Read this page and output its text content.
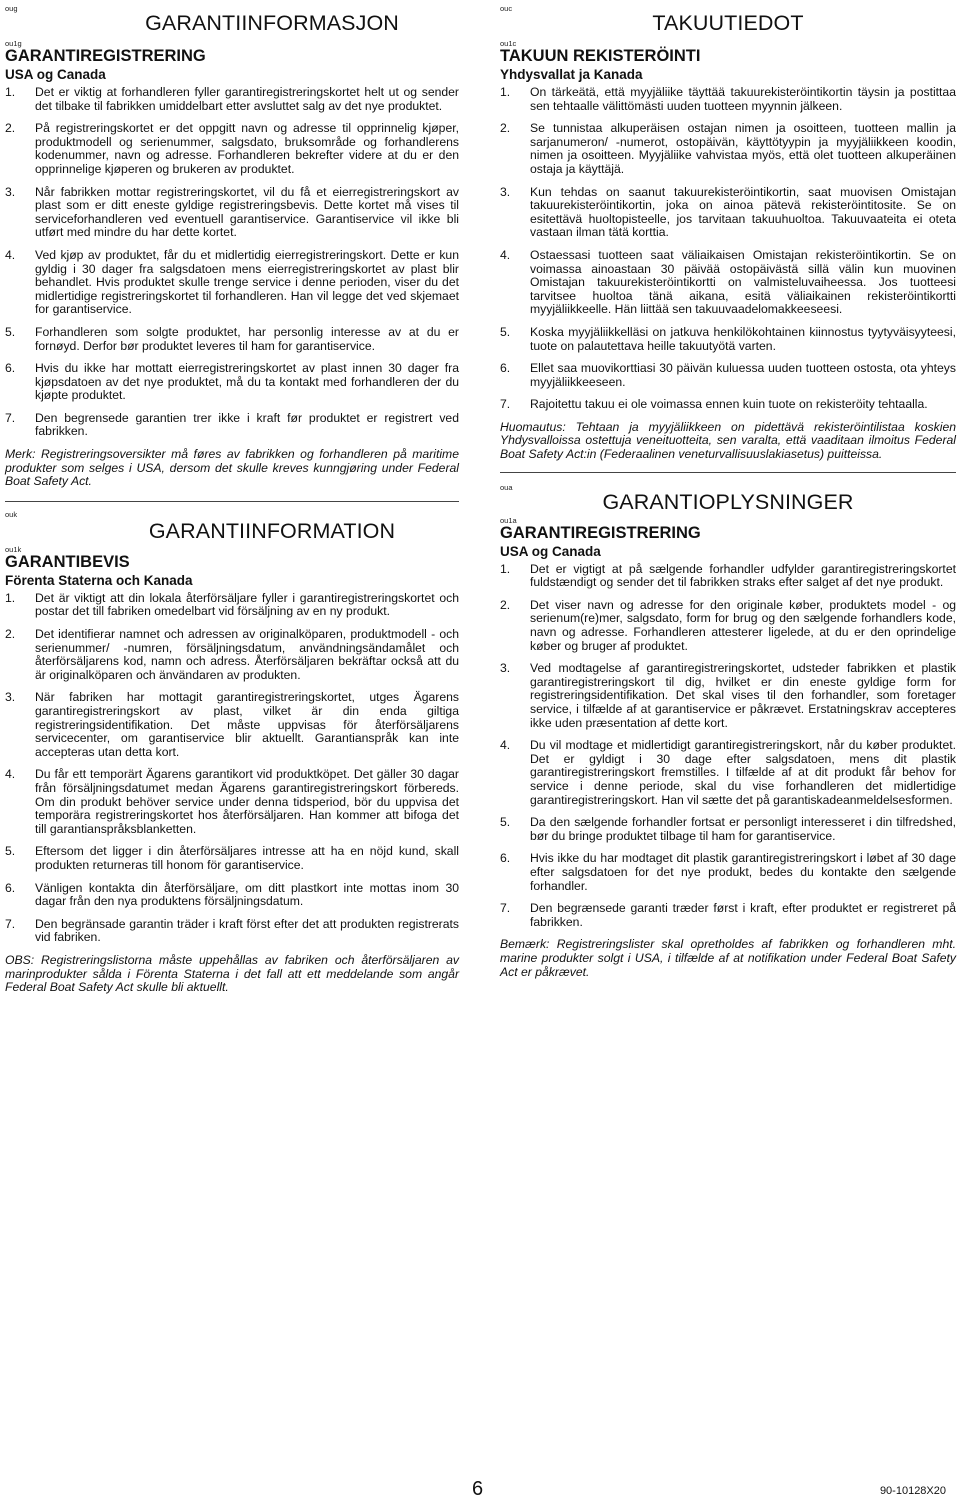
oug
GARANTIINFORMASJON
ou1g
GARANTIREGISTRERING
USA og Canada
1. Det er viktig at forhandleren fyller garantiregistreringskortet helt ut og sender det tilbake til fabrikken umiddelbart etter avsluttet salg av det nye produktet.
2. På registreringskortet er det oppgitt navn og adresse til opprinnelig kjøper, produktmodell og serienummer, salgsdato, bruksområde og forhandlerens kodenummer, navn og adresse. Forhandleren bekrefter videre at du er den opprinnelige kjøperen og brukeren av produktet.
3. Når fabrikken mottar registreringskortet, vil du få et eierregistreringskort av plast som er ditt eneste gyldige registreringsbevis. Dette kortet må vises til serviceforhandleren ved eventuell garantiservice. Garantiservice vil ikke bli utført med mindre du har dette kortet.
4. Ved kjøp av produktet, får du et midlertidig eierregistreringskort. Dette er kun gyldig i 30 dager fra salgsdatoen mens eierregistreringskortet av plast blir behandlet. Hvis produktet skulle trenge service i denne perioden, viser du det midlertidige registreringskortet til forhandleren. Han vil legge det ved skjemaet for garantiservice.
5. Forhandleren som solgte produktet, har personlig interesse av at du er fornøyd. Derfor bør produktet leveres til ham for garantiservice.
6. Hvis du ikke har mottatt eierregistreringskortet av plast innen 30 dager fra kjøpsdatoen av det nye produktet, må du ta kontakt med forhandleren der du kjøpte produktet.
7. Den begrensede garantien trer ikke i kraft før produktet er registrert ved fabrikken.

Merk: Registreringsoversikter må føres av fabrikken og forhandleren på maritime produkter som selges i USA, dersom det skulle kreves kunngjøring under Federal Boat Safety Act.

ouk
GARANTIINFORMATION
ou1k
GARANTIBEVIS
Förenta Staterna och Kanada
1. Det är viktigt att din lokala återförsäljare fyller i garantiregistreringskortet och postar det till fabriken omedelbart vid försäljning av en ny produkt.
2. Det identifierar namnet och adressen av originalköparen, produktmodell - och serienummer/ -numren, försäljningsdatum, användningsändamålet och återförsäljarens kod, namn och adress. Återförsäljaren bekräftar också att du är originalköparen och änvändaren av produkten.
3. När fabriken har mottagit garantiregistreringskortet, utges Ägarens garantiregistreringskort av plast, vilket är din enda giltiga registreringsidentifikation. Det måste uppvisas för återförsäljarens servicecenter, om garantiservice blir aktuellt. Garantianspråk kan inte accepteras utan detta kort.
4. Du får ett temporärt Ägarens garantikort vid produktköpet. Det gäller 30 dagar från försäljningsdatumet medan Ägarens garantiregistreringskort förbereds. Om din produkt behöver service under denna tidsperiod, bör du uppvisa det temporära registreringskortet hos återförsäljaren. Han kommer att bifoga det till garantianspråksblanketten.
5. Eftersom det ligger i din återförsäljares intresse att ha en nöjd kund, skall produkten returneras till honom för garantiservice.
6. Vänligen kontakta din återförsäljare, om ditt plastkort inte mottas inom 30 dagar från den nya produktens försäljningsdatum.
7. Den begränsade garantin träder i kraft först efter det att produkten registrerats vid fabriken.

OBS: Registreringslistorna måste uppehållas av fabriken och återförsäljaren av marinprodukter sålda i Förenta Staterna i det fall att ett meddelande som angår Federal Boat Safety Act skulle bli aktuellt.

ouc
TAKUUTIEDOT
ou1c
TAKUUN REKISTERÖINTI
Yhdysvallat ja Kanada
1. On tärkeätä, että myyjäliike täyttää takuurekisteröintikortin täysin ja postittaa sen tehtaalle välittömästi uuden tuotteen myynnin jälkeen.
2. Se tunnistaa alkuperäisen ostajan nimen ja osoitteen, tuotteen mallin ja sarjanumeron/ -numerot, ostopäivän, käyttötyypin ja myyjäliikkeen koodin, nimen ja osoitteen. Myyjäliike vahvistaa myös, että olet tuotteen alkuperäinen ostaja ja käyttäjä.
3. Kun tehdas on saanut takuurekisteröintikortin, saat muovisen Omistajan takuurekisteröintikortin, joka on ainoa pätevä rekisteröintitosite. Se on esitettävä huoltopisteelle, jos tarvitaan takuuhuoltoa. Takuuvaateita ei oteta vastaan ilman tätä korttia.
4. Ostaessasi tuotteen saat väliaikaisen Omistajan rekisteröintikortin. Se on voimassa ainoastaan 30 päivää ostopäivästä sillä välin kun muovinen Omistajan takuurekisteröintikortti on valmisteluvaiheessa. Jos tuotteesi tarvitsee huoltoa tänä aikana, esitä väliaikainen rekisteröintikortti myyjäliikkeelle. Hän liittää sen takuuvaadelomakkeeseesi.
5. Koska myyjäliikkelläsi on jatkuva henkilökohtainen kiinnostus tyytyväisyyteesi, tuote on palautettava heille takuutyötä varten.
6. Ellet saa muovikorttiasi 30 päivän kuluessa uuden tuotteen ostosta, ota yhteys myyjäliikkeeseen.
7. Rajoitettu takuu ei ole voimassa ennen kuin tuote on rekisteröity tehtaalla.

Huomautus: Tehtaan ja myyjäliikkeen on pidettävä rekisteröintilistaa koskien Yhdysvalloissa ostettuja veneituotteita, sen varalta, että vaaditaan ilmoitus Federal Boat Safety Act:in (Federaalinen veneturvallisuuslakiasetus) puitteissa.

oua
GARANTIOPLYSNINGER
ou1a
GARANTIREGISTRERING
USA og Canada
1. Det er vigtigt at på sælgende forhandler udfylder garantiregistreringskortet fuldstændigt og sender det til fabrikken straks efter salget af det nye produkt.
2. Det viser navn og adresse for den originale køber, produktets model - og serienum(re)mer, salgsdato, form for brug og den sælgende forhandlers kode, navn og adresse. Forhandleren attesterer ligelede, at du er den oprindelige køber og bruger af produktet.
3. Ved modtagelse af garantiregistreringskortet, udsteder fabrikken et plastik garantiregistreringskort til dig, hvilket er din eneste gyldige form for registreringsidentifikation. Det skal vises til den forhandler, som foretager service, i tilfælde af at garantiservice er påkrævet. Erstatningskrav accepteres ikke uden præsentation af dette kort.
4. Du vil modtage et midlertidigt garantiregistreringskort, når du køber produktet. Det er gyldigt i 30 dage efter salgsdatoen, mens dit plastik garantiregistreringskort fremstilles. I tilfælde af at dit produkt får behov for service i denne periode, skal du vise forhandleren det midlertidige garantiregistreringskort. Han vil sætte det på garantiskadeanmeldelsesformen.
5. Da den sælgende forhandler fortsat er personligt interesseret i din tilfredshed, bør du bringe produktet tilbage til ham for garantiservice.
6. Hvis ikke du har modtaget dit plastik garantiregistreringskort i løbet af 30 dage efter salgsdatoen for det nye produkt, bedes du kontakte den sælgende forhandler.
7. Den begrænsede garanti træder først i kraft, efter produktet er registreret på fabrikken.

Bemærk: Registreringslister skal opretholdes af fabrikken og forhandleren mht. marine produkter solgt i USA, i tilfælde af at notifikation under Federal Boat Safety Act er påkrævet.

6	90-10128X20
